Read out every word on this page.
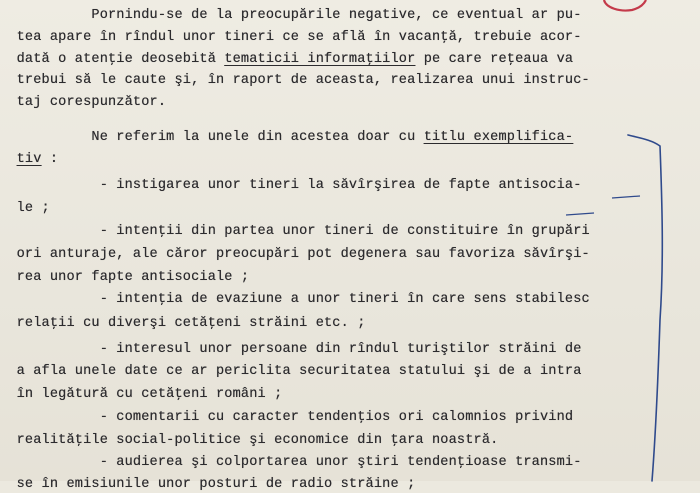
Pornindu-se de la preocupările negative, ce eventual ar pu-
tea apare în rîndul unor tineri ce se află în vacanţă, trebuie acor-
dată o atenţie deosebită tematicii informaţiilor pe care reţeaua va
trebui să le caute şi, în raport de aceasta, realizarea unui instruc-
taj corespunzător.
Ne referim la unele din acestea doar cu titlu exemplifica-
tiv :
- instigarea unor tineri la săvîrşirea de fapte antisocia-
le ;
- intenţii din partea unor tineri de constituire în grupări
ori anturaje, ale căror preocupări pot degenera sau favoriza săvîrşi-
rea unor fapte antisociale ;
- intenţia de evaziune a unor tineri în care sens stabilesc
relaţii cu diverşi cetăţeni străini etc. ;
- interesul unor persoane din rîndul turiştilor străini de
a afla unele date ce ar periclita securitatea statului şi de a intra
în legătură cu cetăţeni români ;
- comentarii cu caracter tendenţios ori calomnios privind
realităţile social-politice şi economice din ţara noastră.
- audierea şi colportarea unor ştiri tendenţioase transmi-
se în emisiunile unor posturi de radio străine ;
